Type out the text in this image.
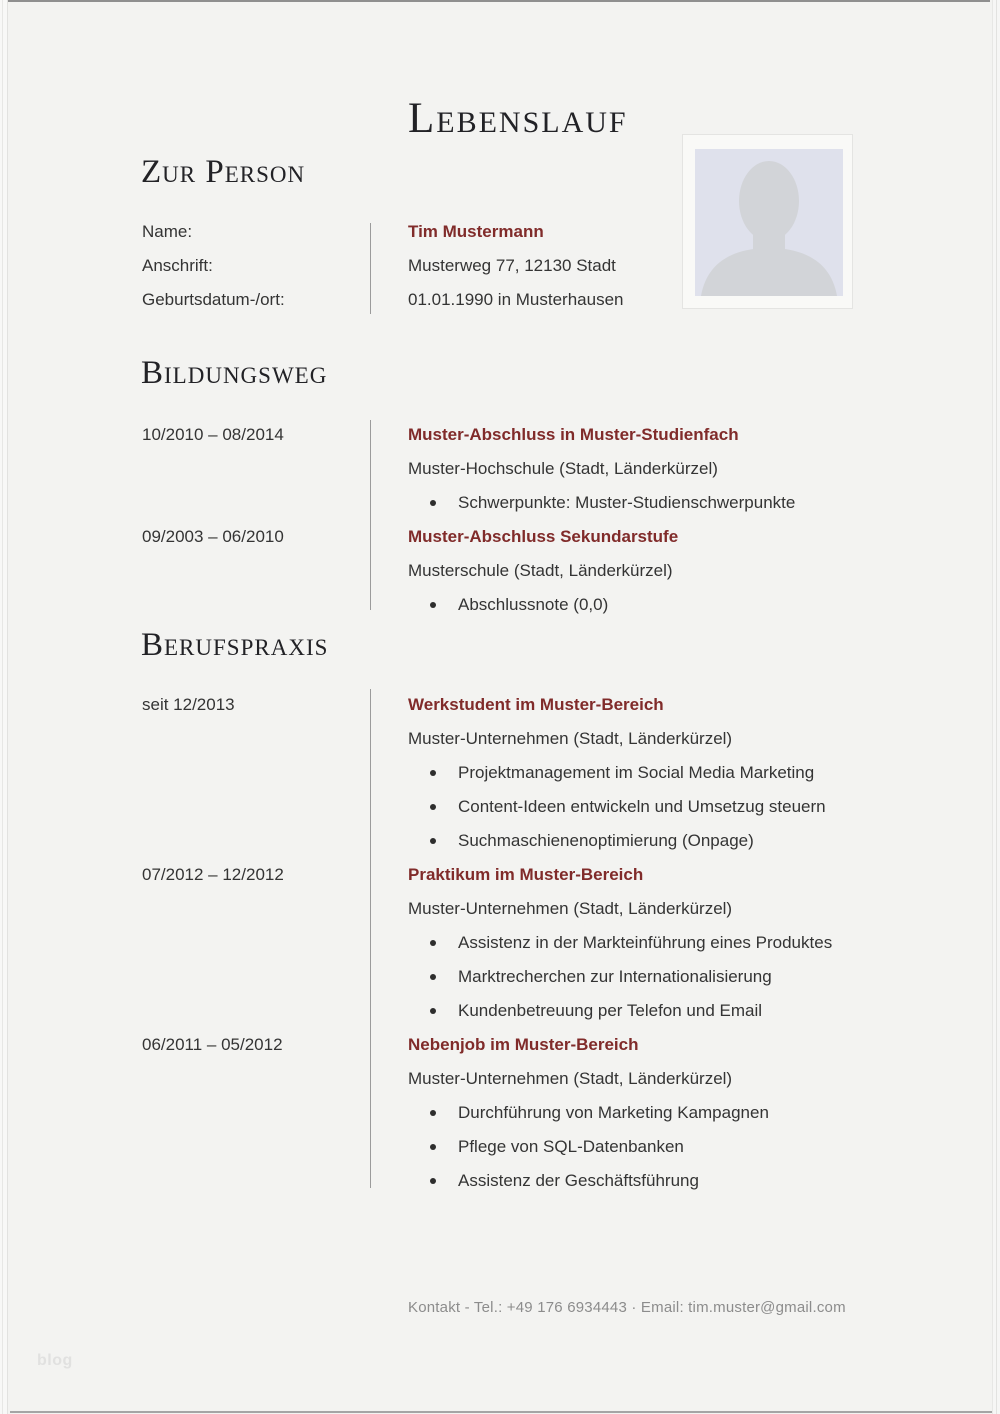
Lebenslauf
Zur Person
Name:	Tim Mustermann
Anschrift:	Musterweg 77, 12130 Stadt
Geburtsdatum-/ort:	01.01.1990 in Musterhausen
Bildungsweg
10/2010 – 08/2014	Muster-Abschluss in Muster-Studienfach
Muster-Hochschule (Stadt, Länderkürzel)
Schwerpunkte: Muster-Studienschwerpunkte
09/2003 – 06/2010	Muster-Abschluss Sekundarstufe
Musterschule (Stadt, Länderkürzel)
Abschlussnote (0,0)
Berufspraxis
seit 12/2013	Werkstudent im Muster-Bereich
Muster-Unternehmen (Stadt, Länderkürzel)
Projektmanagement im Social Media Marketing
Content-Ideen entwickeln und Umsetzug steuern
Suchmaschienenoptimierung (Onpage)
07/2012 – 12/2012	Praktikum im Muster-Bereich
Muster-Unternehmen (Stadt, Länderkürzel)
Assistenz in der Markteinführung eines Produktes
Marktrecherchen zur Internationalisierung
Kundenbetreuung per Telefon und Email
06/2011 – 05/2012	Nebenjob im Muster-Bereich
Muster-Unternehmen (Stadt, Länderkürzel)
Durchführung von Marketing Kampagnen
Pflege von SQL-Datenbanken
Assistenz der Geschäftsführung
Kontakt - Tel.: +49 176 6934443 · Email: tim.muster@gmail.com
blog
